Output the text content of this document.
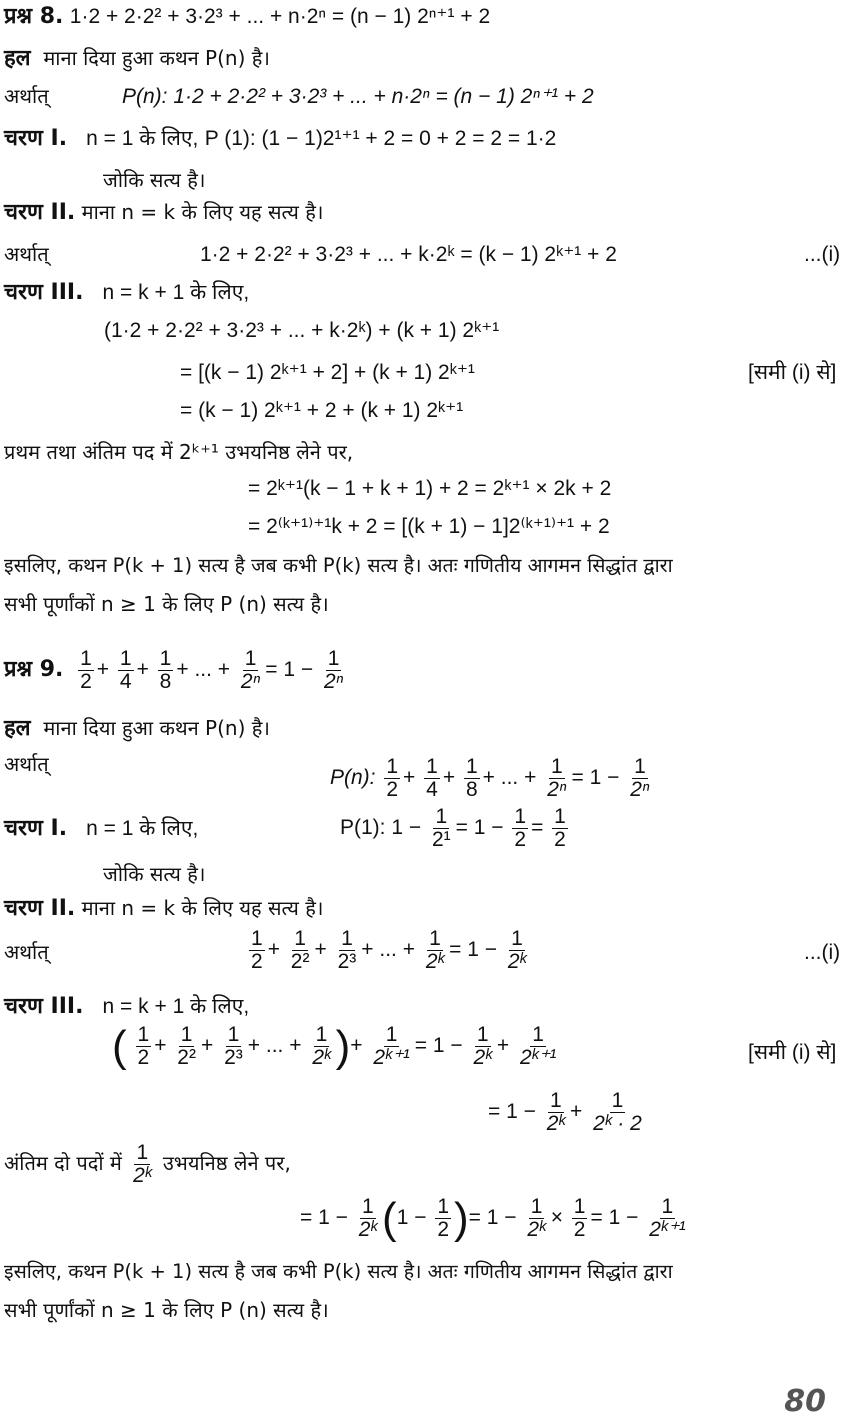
प्रश्न 8. 1·2 + 2·2² + 3·2³ + ... + n·2ⁿ = (n − 1) 2ⁿ⁺¹ + 2
हल माना दिया हुआ कथन P(n) है।
अर्थात्	P(n): 1·2 + 2·2² + 3·2³ + ... + n·2ⁿ = (n − 1) 2ⁿ⁺¹ + 2
चरण I. n = 1 के लिए, P (1): (1 − 1)2¹⁺¹ + 2 = 0 + 2 = 2 = 1·2
जोकि सत्य है।
चरण II. माना n = k के लिए यह सत्य है।
अर्थात्	1·2 + 2·2² + 3·2³ + ... + k·2ᵏ = (k − 1) 2ᵏ⁺¹ + 2	...(i)
चरण III. n = k + 1 के लिए,
(1·2 + 2·2² + 3·2³ + ... + k·2ᵏ) + (k + 1) 2ᵏ⁺¹
= [(k − 1) 2ᵏ⁺¹ + 2] + (k + 1) 2ᵏ⁺¹	[समी (i) से]
= (k − 1) 2ᵏ⁺¹ + 2 + (k + 1) 2ᵏ⁺¹
प्रथम तथा अंतिम पद में 2ᵏ⁺¹ उभयनिष्ठ लेने पर,
= 2ᵏ⁺¹(k − 1 + k + 1) + 2 = 2ᵏ⁺¹ × 2k + 2
= 2⁽ᵏ⁺¹⁾⁺¹k + 2 = [(k + 1) − 1]2⁽ᵏ⁺¹⁾⁺¹ + 2
इसलिए, कथन P(k + 1) सत्य है जब कभी P(k) सत्य है। अतः गणितीय आगमन सिद्धांत द्वारा
सभी पूर्णांकों n ≥ 1 के लिए P (n) सत्य है।
प्रश्न 9. $\frac{1}{2} + \frac{1}{4} + \frac{1}{8}$ + ... + $\frac{1}{\text{2ⁿ}} = 1 - \frac{1}{\text{2ⁿ}}$
हल माना दिया हुआ कथन P(n) है।
अर्थात्
P(n): $\frac{1}{2} + \frac{1}{4} + \frac{1}{8}$ + ... + $\frac{1}{\text{2ⁿ}} = 1 - \frac{1}{\text{2ⁿ}}$
चरण I. n = 1 के लिए,	P(1): $1 - \frac{1}{\text{2¹}} = 1 - \frac{1}{2} = \frac{1}{2}$
जोकि सत्य है।
चरण II. माना n = k के लिए यह सत्य है।
अर्थात्	$\frac{1}{2} + \frac{1}{\text{2²}} + \frac{1}{\text{2³}}$ + ... + $\frac{1}{\text{2ᵏ}} = 1 - \frac{1}{\text{2ᵏ}}$	...(i)
चरण III. n = k + 1 के लिए,
( $\frac{1}{2} + \frac{1}{\text{2²}} + \frac{1}{\text{2³}}$ + ... + $\frac{1}{\text{2ᵏ}}$ )+ $\frac{1}{\text{2ᵏ⁺¹}} = 1 - \frac{1}{\text{2ᵏ}} + \frac{1}{\text{2ᵏ⁺¹}}$	[समी (i) से]
= $1 - \frac{1}{\text{2ᵏ}} + \frac{1}{\text{2ᵏ · 2}}$
अंतिम दो पदों में $\frac{1}{\text{2ᵏ}}$ उभयनिष्ठ लेने पर,
= $1 - \frac{1}{\text{2ᵏ}} (1 - \frac{1}{2}$ )= $1 - \frac{1}{\text{2ᵏ}} \times \frac{1}{2} = 1 - \frac{1}{\text{2ᵏ⁺¹}}$
इसलिए, कथन P(k + 1) सत्य है जब कभी P(k) सत्य है। अतः गणितीय आगमन सिद्धांत द्वारा
सभी पूर्णांकों n ≥ 1 के लिए P (n) सत्य है।
80
